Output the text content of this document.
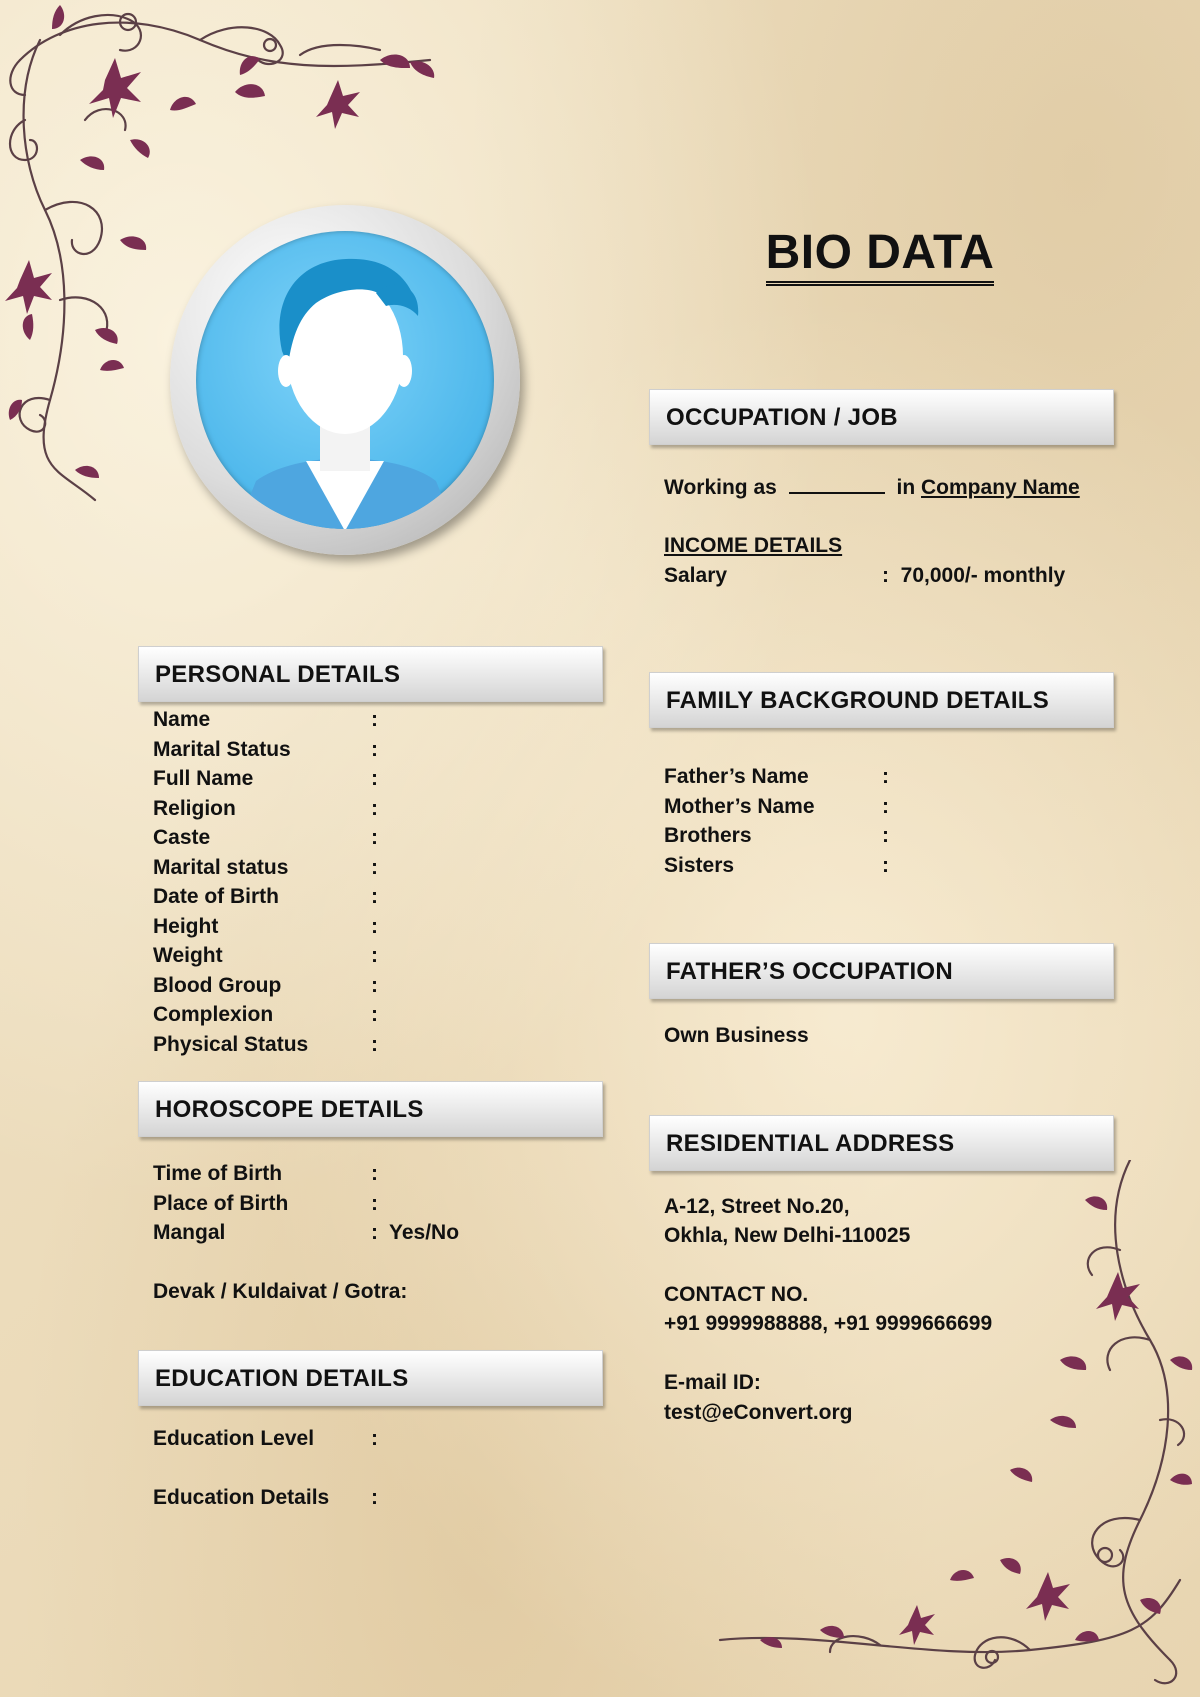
BIO DATA
OCCUPATION / JOB
Working as	in Company Name
INCOME DETAILS
Salary	:  70,000/- monthly
PERSONAL DETAILS
Name	:
Marital Status	:
Full Name	:
Religion	:
Caste	:
Marital status	:
Date of Birth	:
Height	:
Weight	:
Blood Group	:
Complexion	:
Physical Status	:
FAMILY BACKGROUND DETAILS
Father’s Name	:
Mother’s Name	:
Brothers	:
Sisters	:
FATHER’S OCCUPATION
Own Business
HOROSCOPE DETAILS
Time of Birth	:
Place of Birth	:
Mangal	: Yes/No
Devak / Kuldaivat / Gotra:
RESIDENTIAL ADDRESS
A-12, Street No.20,
Okhla, New Delhi-110025
CONTACT NO.
+91 9999988888, +91 9999666699
E-mail ID:
test@eConvert.org
EDUCATION DETAILS
Education Level	:
Education Details :
